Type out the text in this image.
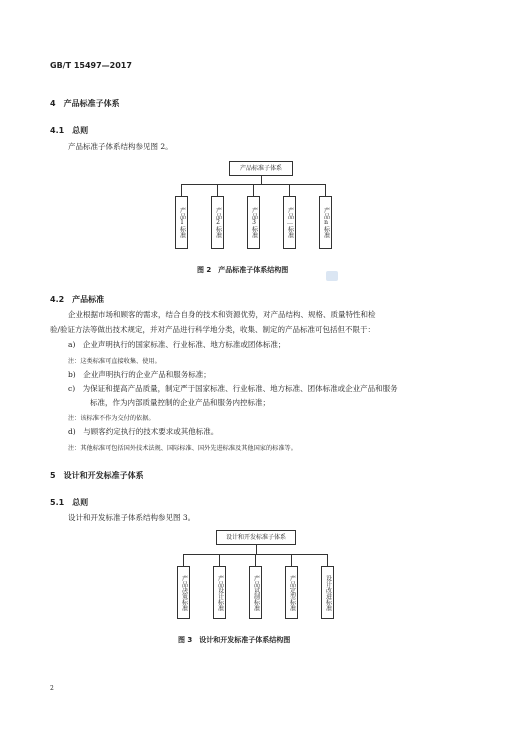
GB/T 15497—2017
4　产品标准子体系
4.1　总则
产品标准子体系结构参见图 2。
产品标准子体系
产品1标准	产品2标准	产品3标准	产品…标准	产品n标准
图 2　产品标准子体系结构图
4.2　产品标准
企业根据市场和顾客的需求，结合自身的技术和资源优势，对产品结构、规格、质量特性和检
验/验证方法等做出技术规定，并对产品进行科学地分类，收集、制定的产品标准可包括但不限于：
a)　企业声明执行的国家标准、行业标准、地方标准或团体标准；
注：这类标准可直接收集、使用。
b)　企业声明执行的企业产品和服务标准；
c)　为保证和提高产品质量，制定严于国家标准、行业标准、地方标准、团体标准或企业产品和服务
标准，作为内部质量控制的企业产品和服务内控标准；
注：该标准不作为交付的依据。
d)　与顾客约定执行的技术要求或其他标准。
注：其他标准可包括国外技术法规、国际标准、国外先进标准及其他国家的标准等。
5　设计和开发标准子体系
5.1　总则
设计和开发标准子体系结构参见图 3。
设计和开发标准子体系
产品决策标准	产品设计标准	产品试制标准	产品定型标准	设计改进标准
图 3　设计和开发标准子体系结构图
2
